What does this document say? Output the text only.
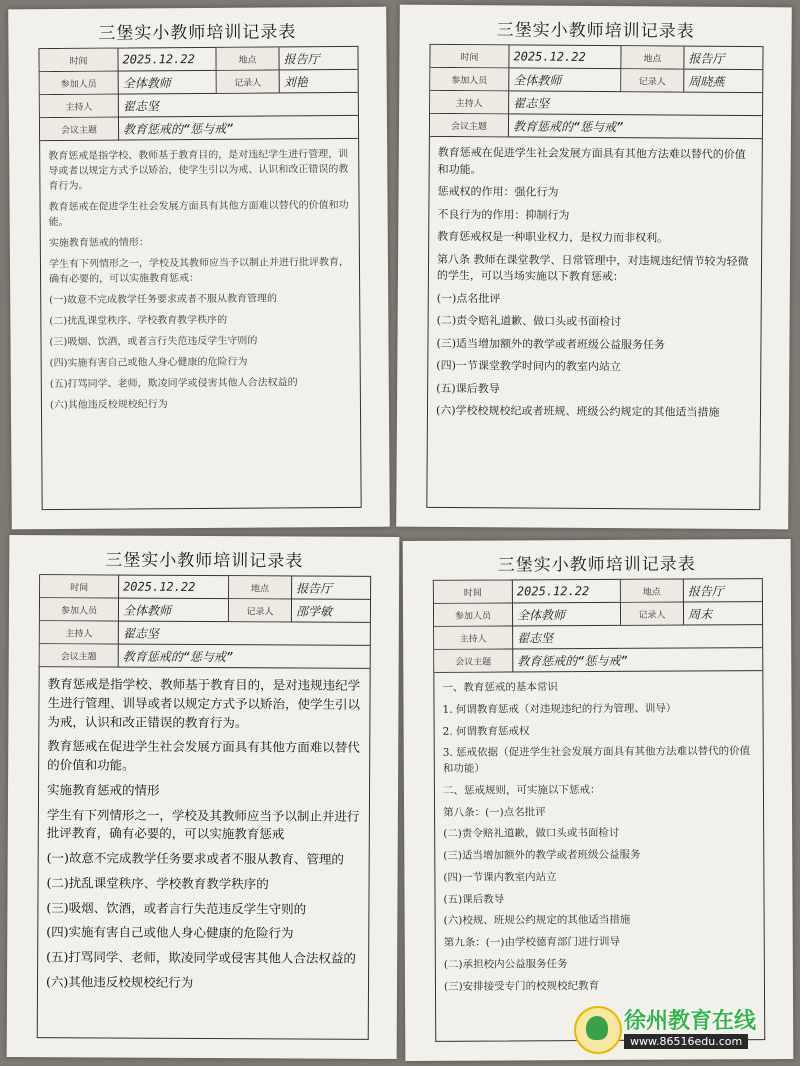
三堡实小教师培训记录表
时间	2025.12.22	地点	报告厅
参加人员	全体教师	记录人	刘艳
主持人	翟志坚
会议主题	教育惩戒的“惩与戒”

教育惩戒是指学校、教师基于教育目的，是对违纪学生进行管理，训导或者以规定方式予以矫治，使学生引以为戒、认识和改正错误的教育行为。

教育惩戒在促进学生社会发展方面具有其他方面难以替代的价值和功能。

实施教育惩戒的情形：

学生有下列情形之一，学校及其教师应当予以制止并进行批评教育，确有必要的，可以实施教育惩戒：

(一)故意不完成教学任务要求或者不服从教育管理的

(二)扰乱课堂秩序、学校教育教学秩序的

(三)吸烟、饮酒，或者言行失范违反学生守则的

(四)实施有害自己或他人身心健康的危险行为

(五)打骂同学、老师，欺凌同学或侵害其他人合法权益的

(六)其他违反校规校纪行为

三堡实小教师培训记录表
时间	2025.12.22	地点	报告厅
参加人员	全体教师	记录人	周晓燕
主持人	翟志坚
会议主题	教育惩戒的“惩与戒”

教育惩戒在促进学生社会发展方面具有其他方法难以替代的价值和功能。

惩戒权的作用：强化行为

不良行为的作用：抑制行为

教育惩戒权是一种职业权力，是权力而非权利。

第八条 教师在课堂教学、日常管理中，对违规违纪情节较为轻微的学生，可以当场实施以下教育惩戒：

(一)点名批评

(二)责令赔礼道歉、做口头或书面检讨

(三)适当增加额外的教学或者班级公益服务任务

(四)一节课堂教学时间内的教室内站立

(五)课后教导

(六)学校校规校纪或者班规、班级公约规定的其他适当措施

三堡实小教师培训记录表
时间	2025.12.22	地点	报告厅
参加人员	全体教师	记录人	邵学敏
主持人	翟志坚
会议主题	教育惩戒的“惩与戒”

教育惩戒是指学校、教师基于教育目的，是对违规违纪学生进行管理、训导或者以规定方式予以矫治，使学生引以为戒，认识和改正错误的教育行为。

教育惩戒在促进学生社会发展方面具有其他方面难以替代的价值和功能。

实施教育惩戒的情形

学生有下列情形之一，学校及其教师应当予以制止并进行批评教育，确有必要的，可以实施教育惩戒

(一)故意不完成教学任务要求或者不服从教育、管理的

(二)扰乱课堂秩序、学校教育教学秩序的

(三)吸烟、饮酒，或者言行失范违反学生守则的

(四)实施有害自己或他人身心健康的危险行为

(五)打骂同学、老师，欺凌同学或侵害其他人合法权益的

(六)其他违反校规校纪行为

三堡实小教师培训记录表
时间	2025.12.22	地点	报告厅
参加人员	全体教师	记录人	周末
主持人	翟志坚
会议主题	教育惩戒的“惩与戒”

一、教育惩戒的基本常识

1. 何谓教育惩戒（对违规违纪的行为管理、训导）

2. 何谓教育惩戒权

3. 惩戒依据（促进学生社会发展方面具有其他方法难以替代的价值和功能）

二、惩戒规则，可实施以下惩戒：

第八条：(一)点名批评

(二)责令赔礼道歉，做口头或书面检讨

(三)适当增加额外的教学或者班级公益服务

(四)一节课内教室内站立

(五)课后教导

(六)校规、班规公约规定的其他适当措施

第九条：(一)由学校德育部门进行训导

(二)承担校内公益服务任务

(三)安排接受专门的校规校纪教育

徐州教育在线
www.86516edu.com
